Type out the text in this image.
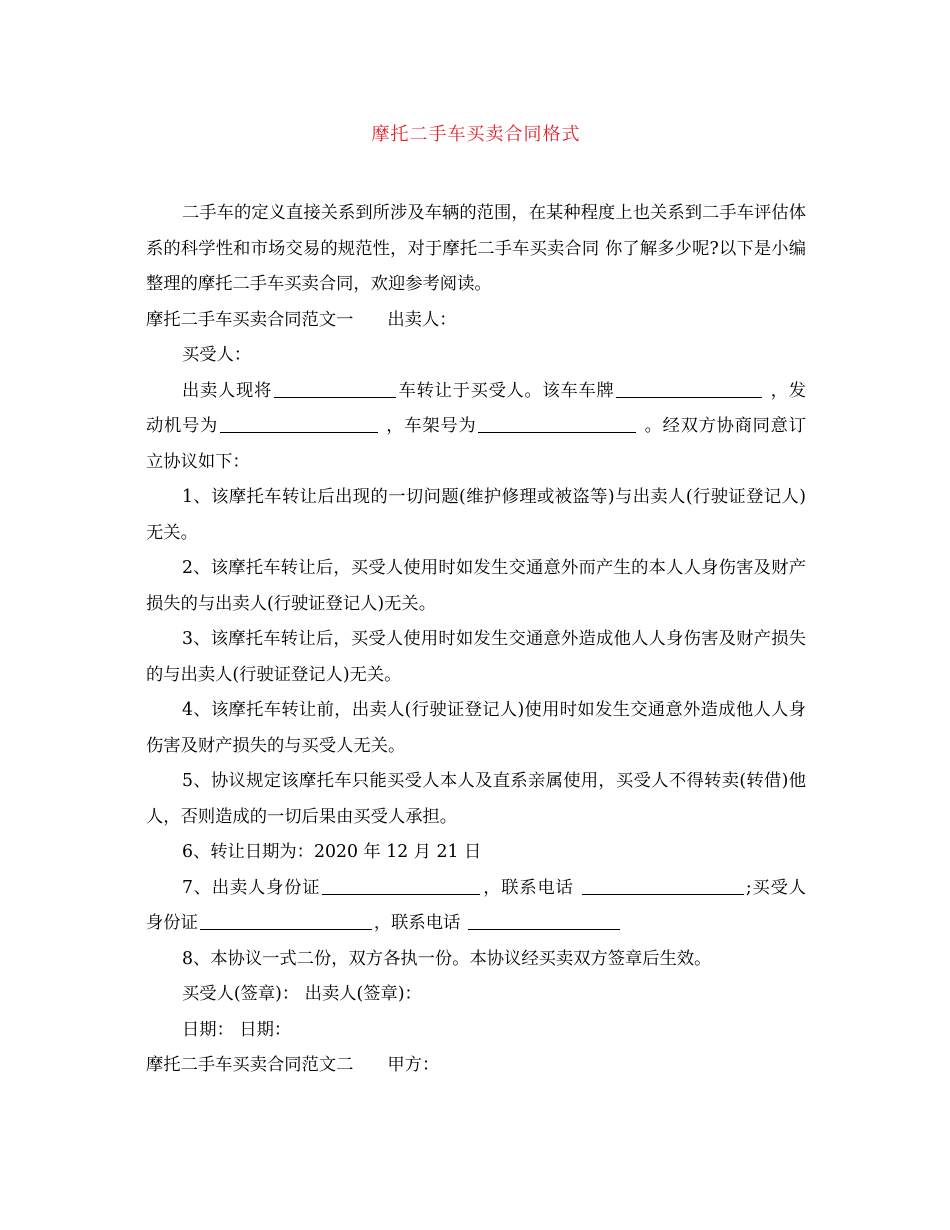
摩托二手车买卖合同格式

二手车的定义直接关系到所涉及车辆的范围，在某种程度上也关系到二手车评估体系的科学性和市场交易的规范性，对于摩托二手车买卖合同 你了解多少呢?以下是小编整理的摩托二手车买卖合同，欢迎参考阅读。

摩托二手车买卖合同范文一 出卖人：

买受人：

出卖人现将	车转让于买受人。该车车牌	，发动机号为	，车架号为	。经双方协商同意订立协议如下：

1、该摩托车转让后出现的一切问题(维护修理或被盗等)与出卖人(行驶证登记人)无关。

2、该摩托车转让后，买受人使用时如发生交通意外而产生的本人人身伤害及财产损失的与出卖人(行驶证登记人)无关。

3、该摩托车转让后，买受人使用时如发生交通意外造成他人人身伤害及财产损失的与出卖人(行驶证登记人)无关。

4、该摩托车转让前，出卖人(行驶证登记人)使用时如发生交通意外造成他人人身伤害及财产损失的与买受人无关。

5、协议规定该摩托车只能买受人本人及直系亲属使用，买受人不得转卖(转借)他人，否则造成的一切后果由买受人承担。

6、转让日期为：2020 年 12 月 21 日

7、出卖人身份证	，联系电话	;买受人身份证	，联系电话

8、本协议一式二份，双方各执一份。本协议经买卖双方签章后生效。

买受人(签章)： 出卖人(签章)：

日期： 日期：

摩托二手车买卖合同范文二 甲方：
